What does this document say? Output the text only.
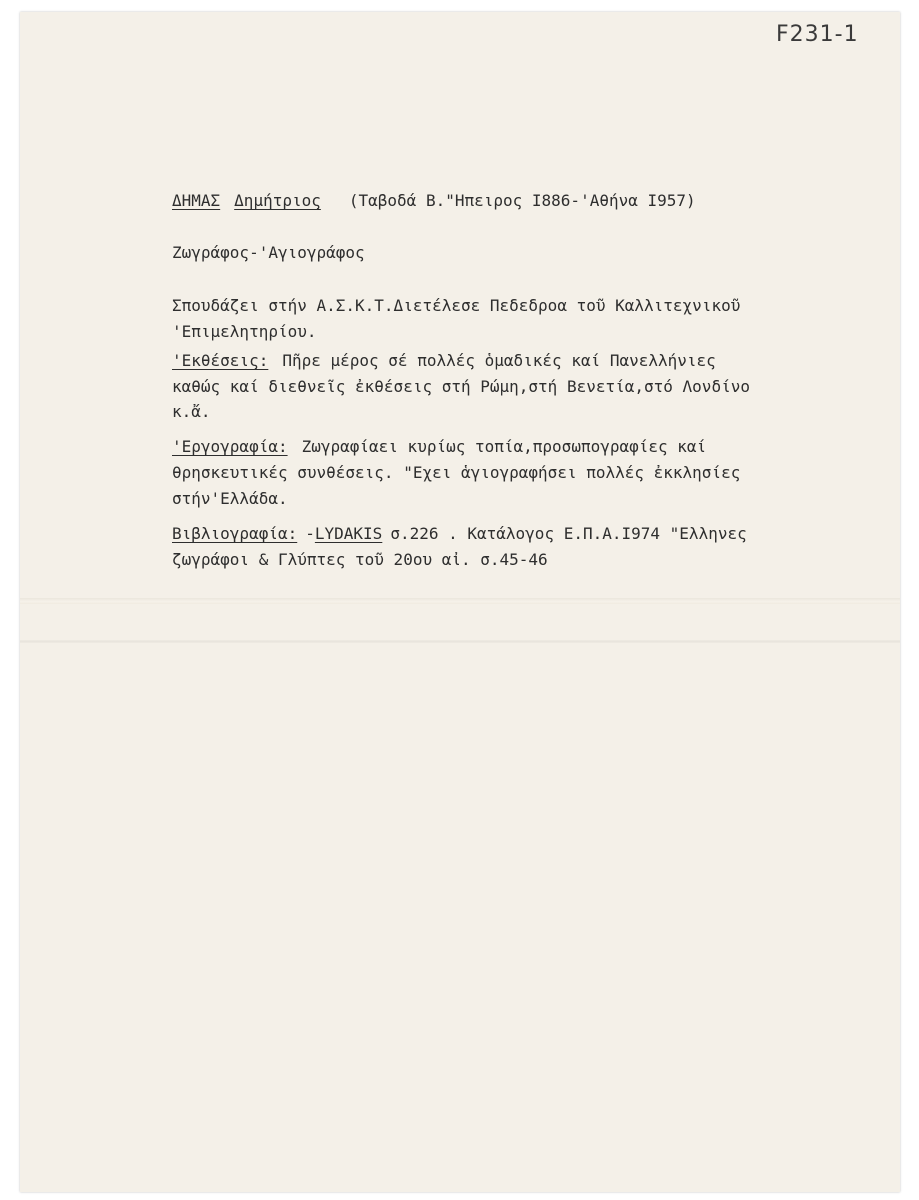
F231-1
ΔΗΜΑΣ Δημήτριος (Ταβοδά Β."Ηπειρος Ι886-'Αθήνα Ι957)
Ζωγράφος-'Αγιογράφος
Σπουδάζει στήν Α.Σ.Κ.Τ.Διετέλεσε Πεδεδροα τοῦ Καλλιτεχνικοῦ
'Επιμελητηρίου.
'Εκθέσεις: Πῆρε μέρος σέ πολλές ὁμαδικές καί Πανελλήνιες
καθώς καί διεθνεῖς ἐκθέσεις στή Ρώμη,στή Βενετία,στό Λονδίνο
κ.ἄ.
'Εργογραφία: Ζωγραφίαει κυρίως τοπία,προσωπογραφίες καί
θρησκευτικές συνθέσεις. "Εχει ἁγιογραφήσει πολλές ἐκκλησίες
στήν'Ελλάδα.
Βιβλιογραφία: -LYDAKIS σ.226 . Κατάλογος Ε.Π.Α.Ι974 "Ελληνες
ζωγράφοι & Γλύπτες τοῦ 20ου αἰ. σ.45-46
